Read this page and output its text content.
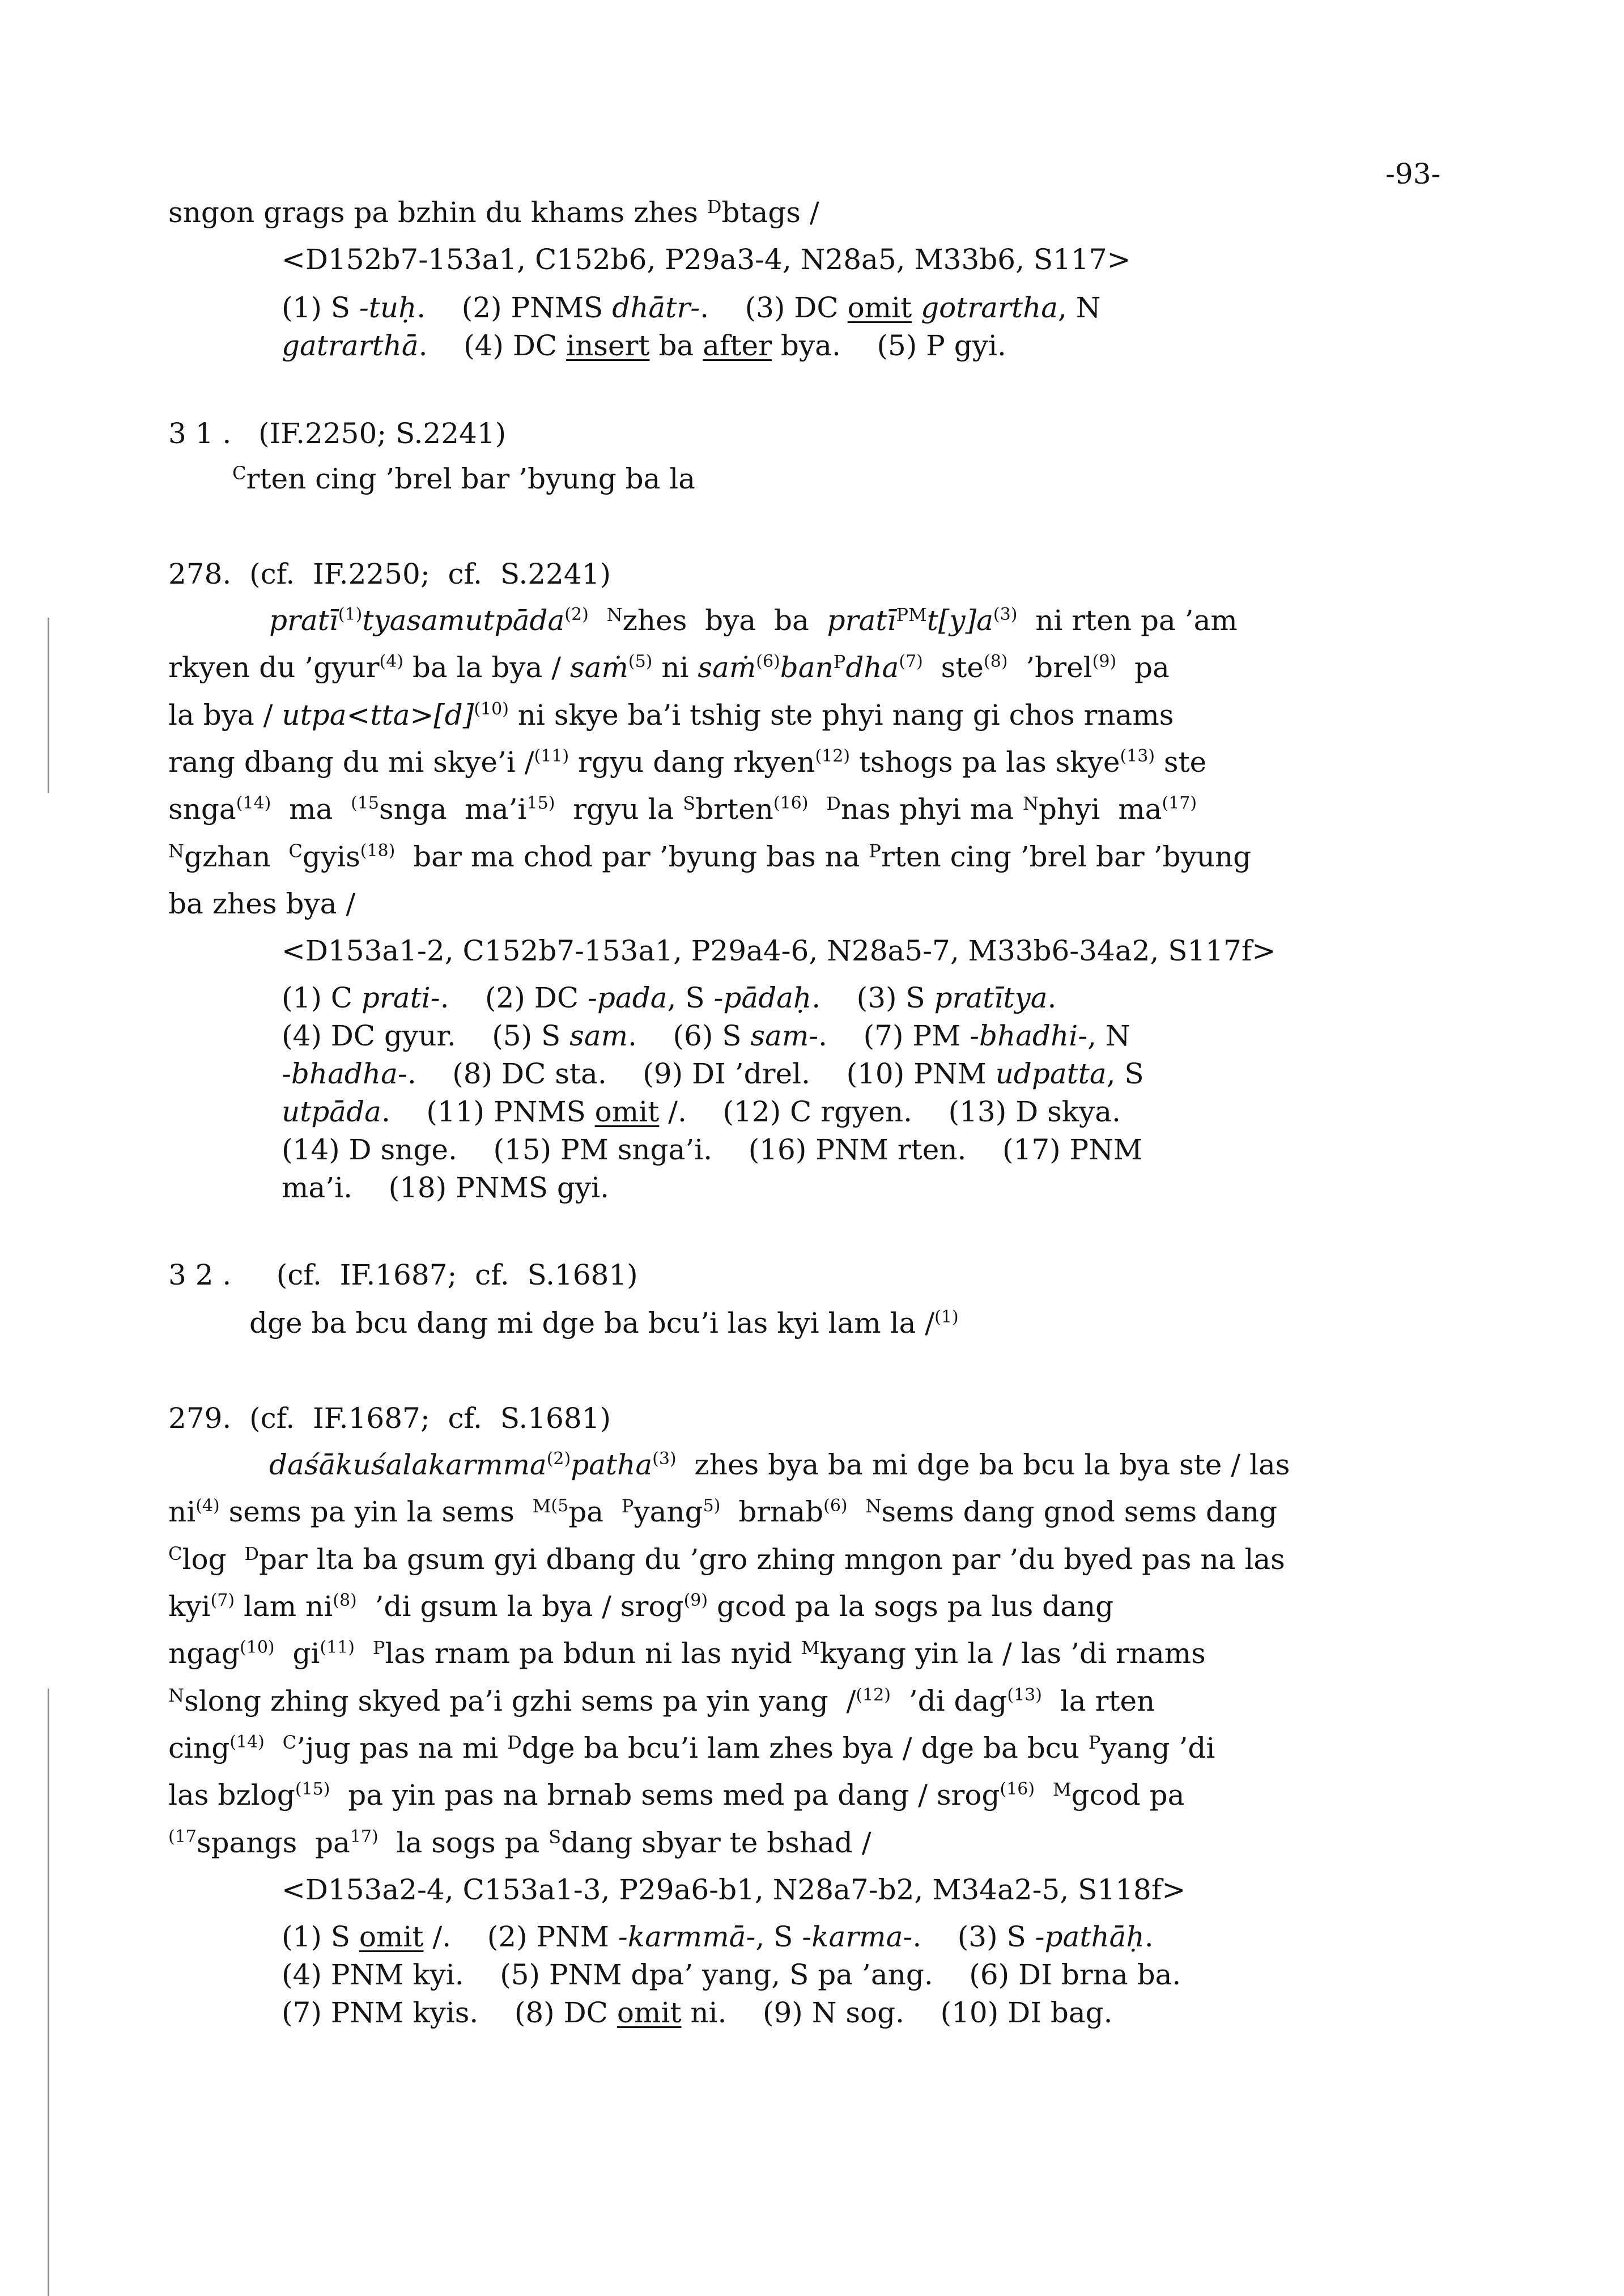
-93-

sngon grags pa bzhin du khams zhes $^D$btags /

<D152b7-153a1, C152b6, P29a3-4, N28a5, M33b6, S117>

(1) S -tuḥ.    (2) PNMS dhātr-.    (3) DC omit gotrartha, N

gatrarthā.    (4) DC insert ba after bya.    (5) P gyi.

3 1 .   (IF.2250; S.2241)

$^C$rten cing ’brel bar ’byung ba la

278.  (cf.  IF.2250;  cf.  S.2241)

pratī$^{(1)}$tyasamutpāda$^{(2)}$ $^N$zhes  bya  ba  $pratī^{PM}t[y]a^{(3)}$  ni rten pa ’am

rkyen du ’gyur$^{(4)}$ ba la bya / saṁ$^{(5)}$ ni saṁ$^{(6)}$ban$^P$dha$^{(7)}$  ste$^{(8)}$  ’brel$^{(9)}$  pa

la bya / $utpa<tta>[d]^{(10)}$ ni skye ba’i tshig ste phyi nang gi chos rnams

rang dbang du mi skye’i /$^{(11)}$ rgyu dang rkyen$^{(12)}$ tshogs pa las skye$^{(13)}$ ste

snga$^{(14)}$  ma  $^{(15}$snga  $ma’i^{15)}$  rgyu la $^S$brten$^{(16)}$ $^D$nas phyi ma $^N$phyi  $ma^{(17)}$

$^N$gzhan  $^C$gyis$^{(18)}$  bar ma chod par ’byung bas na $^P$rten cing ’brel bar ’byung

ba zhes bya /

<D153a1-2, C152b7-153a1, P29a4-6, N28a5-7, M33b6-34a2, S117f>

(1) C prati-.    (2) DC -pada, S -pādaḥ.    (3) S pratītya.

(4) DC gyur.    (5) S sam.    (6) S sam-.    (7) PM -bhadhi-, N

-bhadha-.    (8) DC sta.    (9) DI ’drel.    (10) PNM udpatta, S

utpāda.    (11) PNMS omit /.    (12) C rgyen.    (13) D skya.

(14) D snge.    (15) PM snga’i.    (16) PNM rten.    (17) PNM

ma’i.    (18) PNMS gyi.

3 2 .     (cf.  IF.1687;  cf.  S.1681)

dge ba bcu dang mi dge ba bcu’i las kyi lam la /$^{(1)}$

279.  (cf.  IF.1687;  cf.  S.1681)

daśākuśalakarmma$^{(2)}$patha$^{(3)}$  zhes bya ba mi dge ba bcu la bya ste / las

$ni^{(4)}$ sems pa yin la sems  $^{M(5}$pa  $^P$yang$^{5)}$  brnab$^{(6)}$ $^N$sems dang gnod sems dang

$^C$log  $^D$par lta ba gsum gyi dbang du ’gro zhing mngon par ’du byed pas na las

kyi$^{(7)}$ lam $ni^{(8)}$  ’di gsum la bya / srog$^{(9)}$ gcod pa la sogs pa lus dang

ngag$^{(10)}$  $gi^{(11)}$ $^P$las rnam pa bdun ni las nyid $^M$kyang yin la / las ’di rnams

$^N$slong zhing skyed pa’i gzhi sems pa yin yang  /$^{(12)}$  ’di dag$^{(13)}$  la rten

cing$^{(14)}$ $^C$’jug pas na mi $^D$dge ba bcu’i lam zhes bya / dge ba bcu $^P$yang ’di

las bzlog$^{(15)}$  pa yin pas na brnab sems med pa dang / srog$^{(16)}$ $^M$gcod pa

$^{(17}$spangs  $pa^{17)}$  la sogs pa $^S$dang sbyar te bshad /

<D153a2-4, C153a1-3, P29a6-b1, N28a7-b2, M34a2-5, S118f>

(1) S omit /.    (2) PNM -karmmā-, S -karma-.    (3) S -pathāḥ.

(4) PNM kyi.    (5) PNM dpa’ yang, S pa ’ang.    (6) DI brna ba.

(7) PNM kyis.    (8) DC omit ni.    (9) N sog.    (10) DI bag.
